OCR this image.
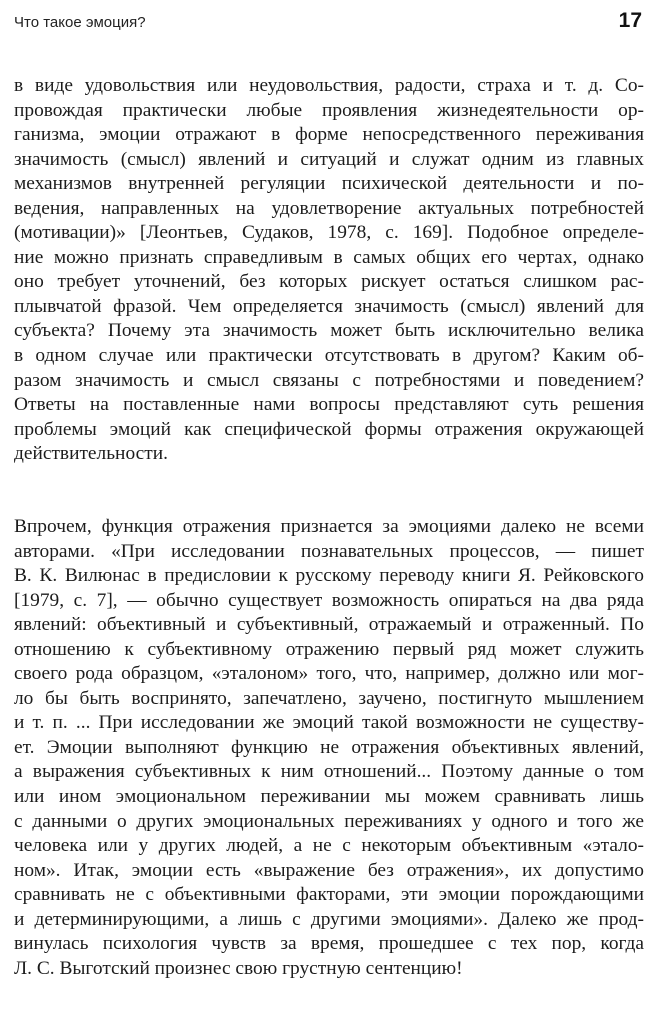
Что такое эмоция?	17
в виде удовольствия или неудовольствия, радости, страха и т. д. Со-
провождая практически любые проявления жизнедеятельности ор-
ганизма, эмоции отражают в форме непосредственного переживания
значимость (смысл) явлений и ситуаций и служат одним из главных
механизмов внутренней регуляции психической деятельности и по-
ведения, направленных на удовлетворение актуальных потребностей
(мотивации)» [Леонтьев, Судаков, 1978, с. 169]. Подобное определе-
ние можно признать справедливым в самых общих его чертах, однако
оно требует уточнений, без которых рискует остаться слишком рас-
плывчатой фразой. Чем определяется значимость (смысл) явлений для
субъекта? Почему эта значимость может быть исключительно велика
в одном случае или практически отсутствовать в другом? Каким об-
разом значимость и смысл связаны с потребностями и поведением?
Ответы на поставленные нами вопросы представляют суть решения
проблемы эмоций как специфической формы отражения окружающей
действительности.
Впрочем, функция отражения признается за эмоциями далеко не всеми
авторами. «При исследовании познавательных процессов, — пишет
В. К. Вилюнас в предисловии к русскому переводу книги Я. Рейковского
[1979, с. 7], — обычно существует возможность опираться на два ряда
явлений: объективный и субъективный, отражаемый и отраженный. По
отношению к субъективному отражению первый ряд может служить
своего рода образцом, «эталоном» того, что, например, должно или мог-
ло бы быть воспринято, запечатлено, заучено, постигнуто мышлением
и т. п. ... При исследовании же эмоций такой возможности не существу-
ет. Эмоции выполняют функцию не отражения объективных явлений,
а выражения субъективных к ним отношений... Поэтому данные о том
или ином эмоциональном переживании мы можем сравнивать лишь
с данными о других эмоциональных переживаниях у одного и того же
человека или у других людей, а не с некоторым объективным «этало-
ном». Итак, эмоции есть «выражение без отражения», их допустимо
сравнивать не с объективными факторами, эти эмоции порождающими
и детерминирующими, а лишь с другими эмоциями». Далеко же прод-
винулась психология чувств за время, прошедшее с тех пор, когда
Л. С. Выготский произнес свою грустную сентенцию!
